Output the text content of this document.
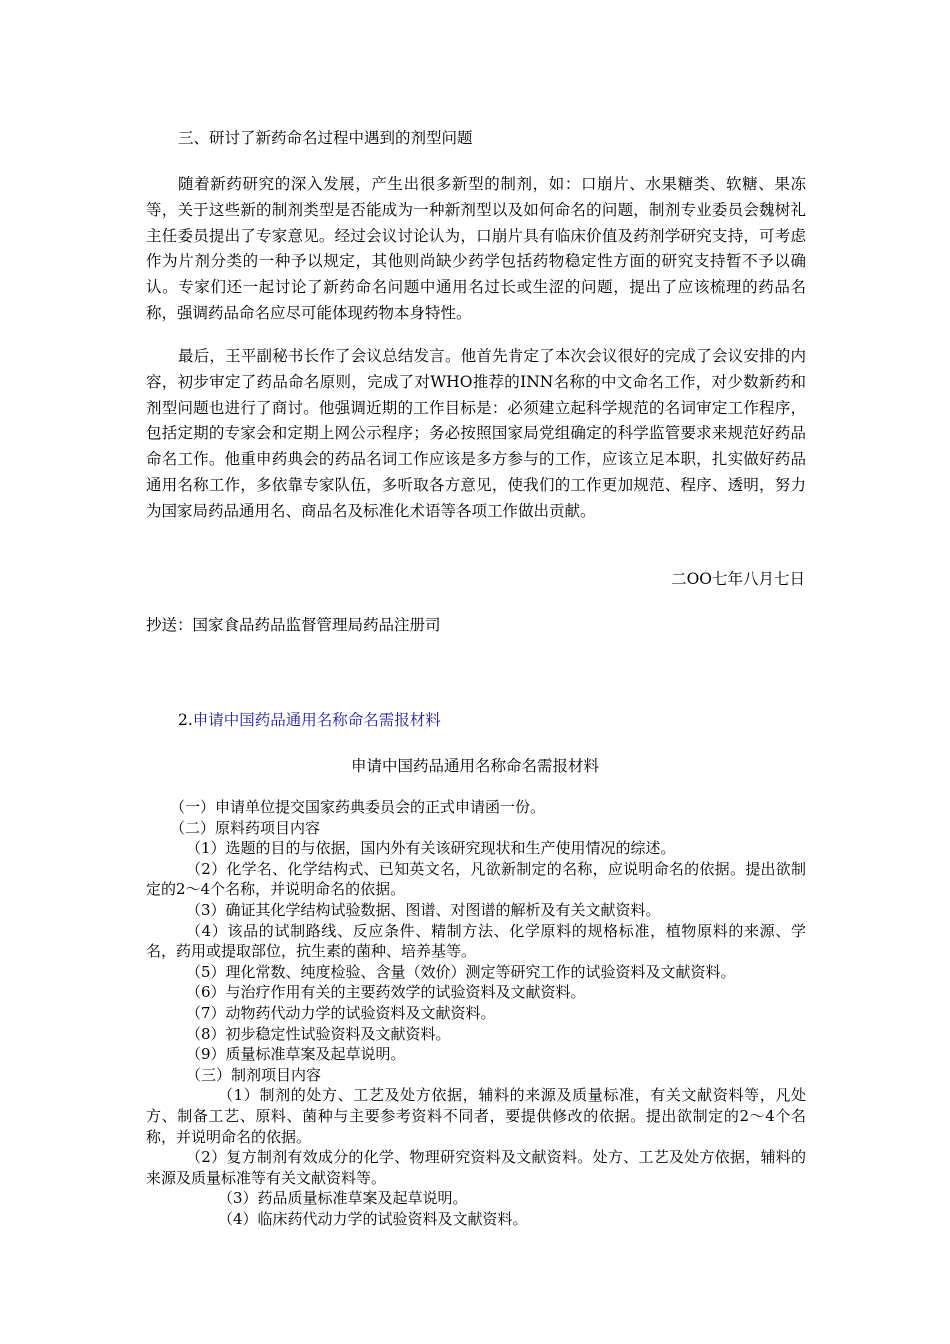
三、研讨了新药命名过程中遇到的剂型问题
随着新药研究的深入发展，产生出很多新型的制剂，如：口崩片、水果糖类、软糖、果冻等，关于这些新的制剂类型是否能成为一种新剂型以及如何命名的问题，制剂专业委员会魏树礼主任委员提出了专家意见。经过会议讨论认为，口崩片具有临床价值及药剂学研究支持，可考虑作为片剂分类的一种予以规定，其他则尚缺少药学包括药物稳定性方面的研究支持暂不予以确认。专家们还一起讨论了新药命名问题中通用名过长或生涩的问题，提出了应该梳理的药品名称，强调药品命名应尽可能体现药物本身特性。
最后，王平副秘书长作了会议总结发言。他首先肯定了本次会议很好的完成了会议安排的内容，初步审定了药品命名原则，完成了对WHO推荐的INN名称的中文命名工作，对少数新药和剂型问题也进行了商讨。他强调近期的工作目标是：必须建立起科学规范的名词审定工作程序，包括定期的专家会和定期上网公示程序；务必按照国家局党组确定的科学监管要求来规范好药品命名工作。他重申药典会的药品名词工作应该是多方参与的工作，应该立足本职，扎实做好药品通用名称工作，多依靠专家队伍，多听取各方意见，使我们的工作更加规范、程序、透明，努力为国家局药品通用名、商品名及标准化术语等各项工作做出贡献。
二OO七年八月七日
抄送：国家食品药品监督管理局药品注册司
2.申请中国药品通用名称命名需报材料
申请中国药品通用名称命名需报材料
（一）申请单位提交国家药典委员会的正式申请函一份。
（二）原料药项目内容
（1）选题的目的与依据，国内外有关该研究现状和生产使用情况的综述。
（2）化学名、化学结构式、已知英文名，凡欲新制定的名称，应说明命名的依据。提出欲制定的2～4个名称，并说明命名的依据。
（3）确证其化学结构试验数据、图谱、对图谱的解析及有关文献资料。
（4）该品的试制路线、反应条件、精制方法、化学原料的规格标准，植物原料的来源、学名，药用或提取部位，抗生素的菌种、培养基等。
（5）理化常数、纯度检验、含量（效价）测定等研究工作的试验资料及文献资料。
（6）与治疗作用有关的主要药效学的试验资料及文献资料。
（7）动物药代动力学的试验资料及文献资料。
（8）初步稳定性试验资料及文献资料。
（9）质量标准草案及起草说明。
（三）制剂项目内容
（1）制剂的处方、工艺及处方依据，辅料的来源及质量标准，有关文献资料等，凡处方、制备工艺、原料、菌种与主要参考资料不同者，要提供修改的依据。提出欲制定的2～4个名称，并说明命名的依据。
（2）复方制剂有效成分的化学、物理研究资料及文献资料。处方、工艺及处方依据，辅料的来源及质量标准等有关文献资料等。
（3）药品质量标准草案及起草说明。
（4）临床药代动力学的试验资料及文献资料。
